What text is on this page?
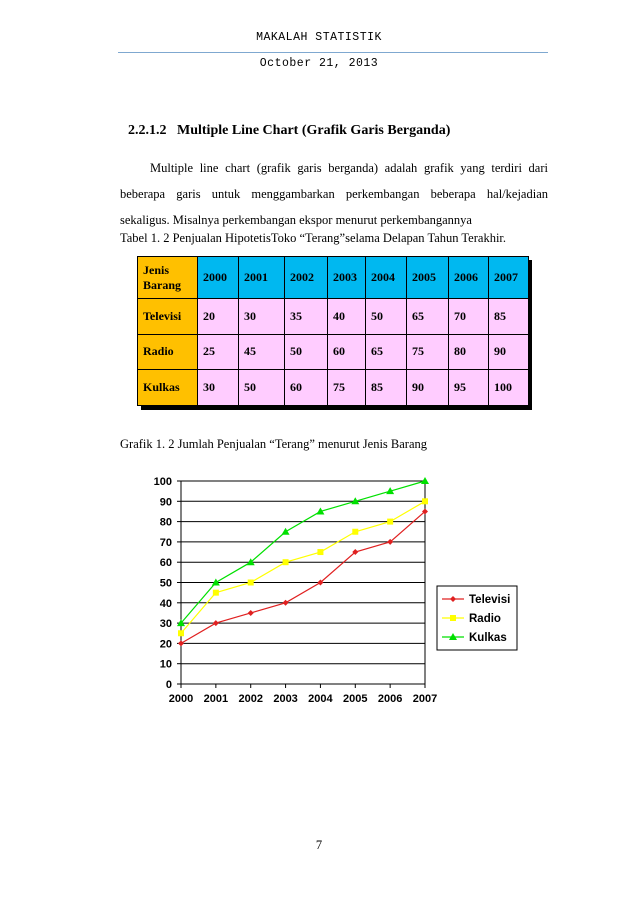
MAKALAH STATISTIK
October 21, 2013
2.2.1.2   Multiple Line Chart (Grafik Garis Berganda)
Multiple line chart (grafik garis berganda) adalah grafik yang terdiri dari beberapa garis untuk menggambarkan perkembangan beberapa hal/kejadian sekaligus. Misalnya perkembangan ekspor menurut perkembangannya
Tabel 1. 2 Penjualan HipotetisToko “Terang”selama Delapan Tahun Terakhir.
Jenis
Barang	2000	2001	2002	2003	2004	2005	2006	2007
Televisi	20	30	35	40	50	65	70	85
Radio	25	45	50	60	65	75	80	90
Kulkas	30	50	60	75	85	90	95	100
Grafik 1. 2 Jumlah Penjualan “Terang” menurut Jenis Barang
0
10
20
30
40
50
60
70
80
90
100
2000 2001 2002 2003 2004 2005 2006 2007
Televisi
Radio
Kulkas
7
